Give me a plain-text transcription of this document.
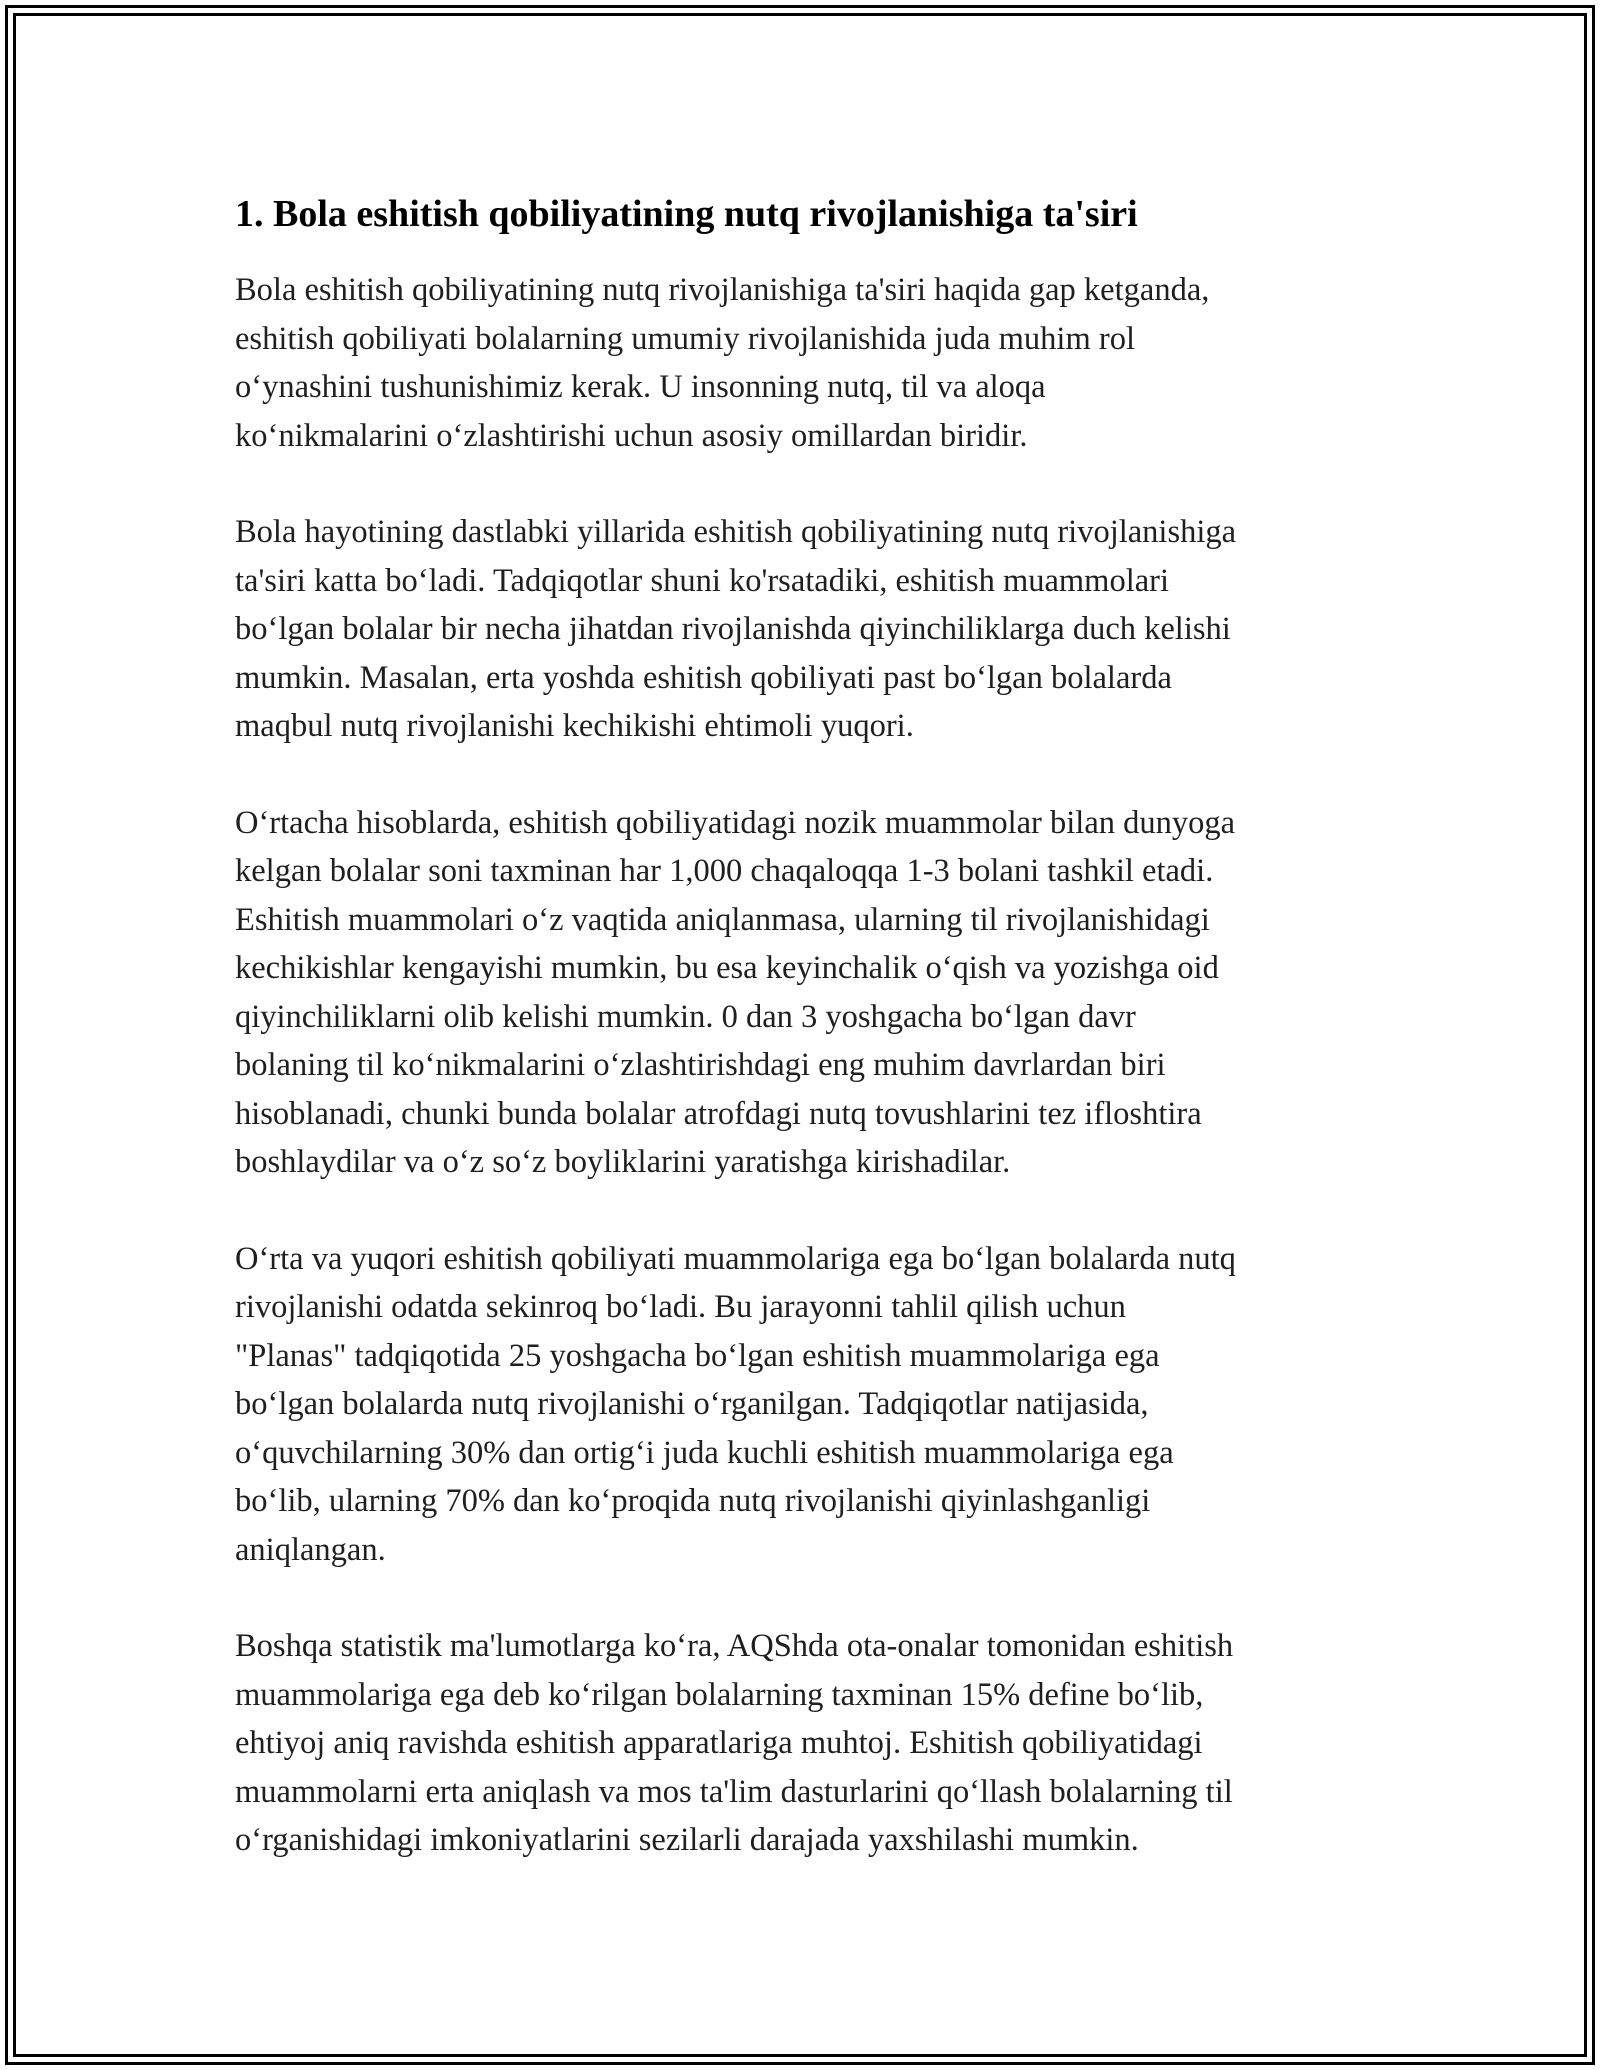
1. Bola eshitish qobiliyatining nutq rivojlanishiga ta'siri

Bola eshitish qobiliyatining nutq rivojlanishiga ta'siri haqida gap ketganda,
eshitish qobiliyati bolalarning umumiy rivojlanishida juda muhim rol
o‘ynashini tushunishimiz kerak. U insonning nutq, til va aloqa
ko‘nikmalarini o‘zlashtirishi uchun asosiy omillardan biridir.

Bola hayotining dastlabki yillarida eshitish qobiliyatining nutq rivojlanishiga
ta'siri katta bo‘ladi. Tadqiqotlar shuni ko'rsatadiki, eshitish muammolari
bo‘lgan bolalar bir necha jihatdan rivojlanishda qiyinchiliklarga duch kelishi
mumkin. Masalan, erta yoshda eshitish qobiliyati past bo‘lgan bolalarda
maqbul nutq rivojlanishi kechikishi ehtimoli yuqori.

O‘rtacha hisoblarda, eshitish qobiliyatidagi nozik muammolar bilan dunyoga
kelgan bolalar soni taxminan har 1,000 chaqaloqqa 1-3 bolani tashkil etadi.
Eshitish muammolari o‘z vaqtida aniqlanmasa, ularning til rivojlanishidagi
kechikishlar kengayishi mumkin, bu esa keyinchalik o‘qish va yozishga oid
qiyinchiliklarni olib kelishi mumkin. 0 dan 3 yoshgacha bo‘lgan davr
bolaning til ko‘nikmalarini o‘zlashtirishdagi eng muhim davrlardan biri
hisoblanadi, chunki bunda bolalar atrofdagi nutq tovushlarini tez ifloshtira
boshlaydilar va o‘z so‘z boyliklarini yaratishga kirishadilar.

O‘rta va yuqori eshitish qobiliyati muammolariga ega bo‘lgan bolalarda nutq
rivojlanishi odatda sekinroq bo‘ladi. Bu jarayonni tahlil qilish uchun
"Planas" tadqiqotida 25 yoshgacha bo‘lgan eshitish muammolariga ega
bo‘lgan bolalarda nutq rivojlanishi o‘rganilgan. Tadqiqotlar natijasida,
o‘quvchilarning 30% dan ortig‘i juda kuchli eshitish muammolariga ega
bo‘lib, ularning 70% dan ko‘proqida nutq rivojlanishi qiyinlashganligi
aniqlangan.

Boshqa statistik ma'lumotlarga ko‘ra, AQShda ota-onalar tomonidan eshitish
muammolariga ega deb ko‘rilgan bolalarning taxminan 15% define bo‘lib,
ehtiyoj aniq ravishda eshitish apparatlariga muhtoj. Eshitish qobiliyatidagi
muammolarni erta aniqlash va mos ta'lim dasturlarini qo‘llash bolalarning til
o‘rganishidagi imkoniyatlarini sezilarli darajada yaxshilashi mumkin.
